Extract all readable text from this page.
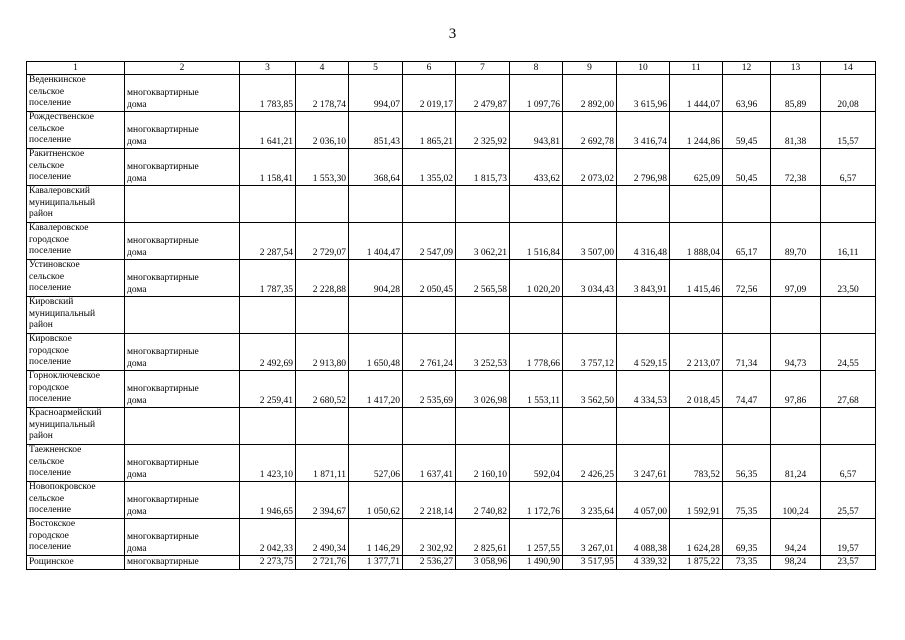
3
1	2	3	4	5	6	7	8	9	10	11	12	13	14
Веденкинское
сельское
поселение	многоквартирные
дома	1 783,85	2 178,74	994,07	2 019,17	2 479,87	1 097,76	2 892,00	3 615,96	1 444,07	63,96	85,89	20,08
Рождественское
сельское
поселение	многоквартирные
дома	1 641,21	2 036,10	851,43	1 865,21	2 325,92	943,81	2 692,78	3 416,74	1 244,86	59,45	81,38	15,57
Ракитненское
сельское
поселение	многоквартирные
дома	1 158,41	1 553,30	368,64	1 355,02	1 815,73	433,62	2 073,02	2 796,98	625,09	50,45	72,38	6,57
Кавалеровский
муниципальный
район													
Кавалеровское
городское
поселение	многоквартирные
дома	2 287,54	2 729,07	1 404,47	2 547,09	3 062,21	1 516,84	3 507,00	4 316,48	1 888,04	65,17	89,70	16,11
Устиновское
сельское
поселение	многоквартирные
дома	1 787,35	2 228,88	904,28	2 050,45	2 565,58	1 020,20	3 034,43	3 843,91	1 415,46	72,56	97,09	23,50
Кировский
муниципальный
район													
Кировское
городское
поселение	многоквартирные
дома	2 492,69	2 913,80	1 650,48	2 761,24	3 252,53	1 778,66	3 757,12	4 529,15	2 213,07	71,34	94,73	24,55
Горноключевское
городское
поселение	многоквартирные
дома	2 259,41	2 680,52	1 417,20	2 535,69	3 026,98	1 553,11	3 562,50	4 334,53	2 018,45	74,47	97,86	27,68
Красноармейский
муниципальный
район													
Таежненское
сельское
поселение	многоквартирные
дома	1 423,10	1 871,11	527,06	1 637,41	2 160,10	592,04	2 426,25	3 247,61	783,52	56,35	81,24	6,57
Новопокровское
сельское
поселение	многоквартирные
дома	1 946,65	2 394,67	1 050,62	2 218,14	2 740,82	1 172,76	3 235,64	4 057,00	1 592,91	75,35	100,24	25,57
Востокское
городское
поселение	многоквартирные
дома	2 042,33	2 490,34	1 146,29	2 302,92	2 825,61	1 257,55	3 267,01	4 088,38	1 624,28	69,35	94,24	19,57
Рощинское	многоквартирные	2 273,75	2 721,76	1 377,71	2 536,27	3 058,96	1 490,90	3 517,95	4 339,32	1 875,22	73,35	98,24	23,57
